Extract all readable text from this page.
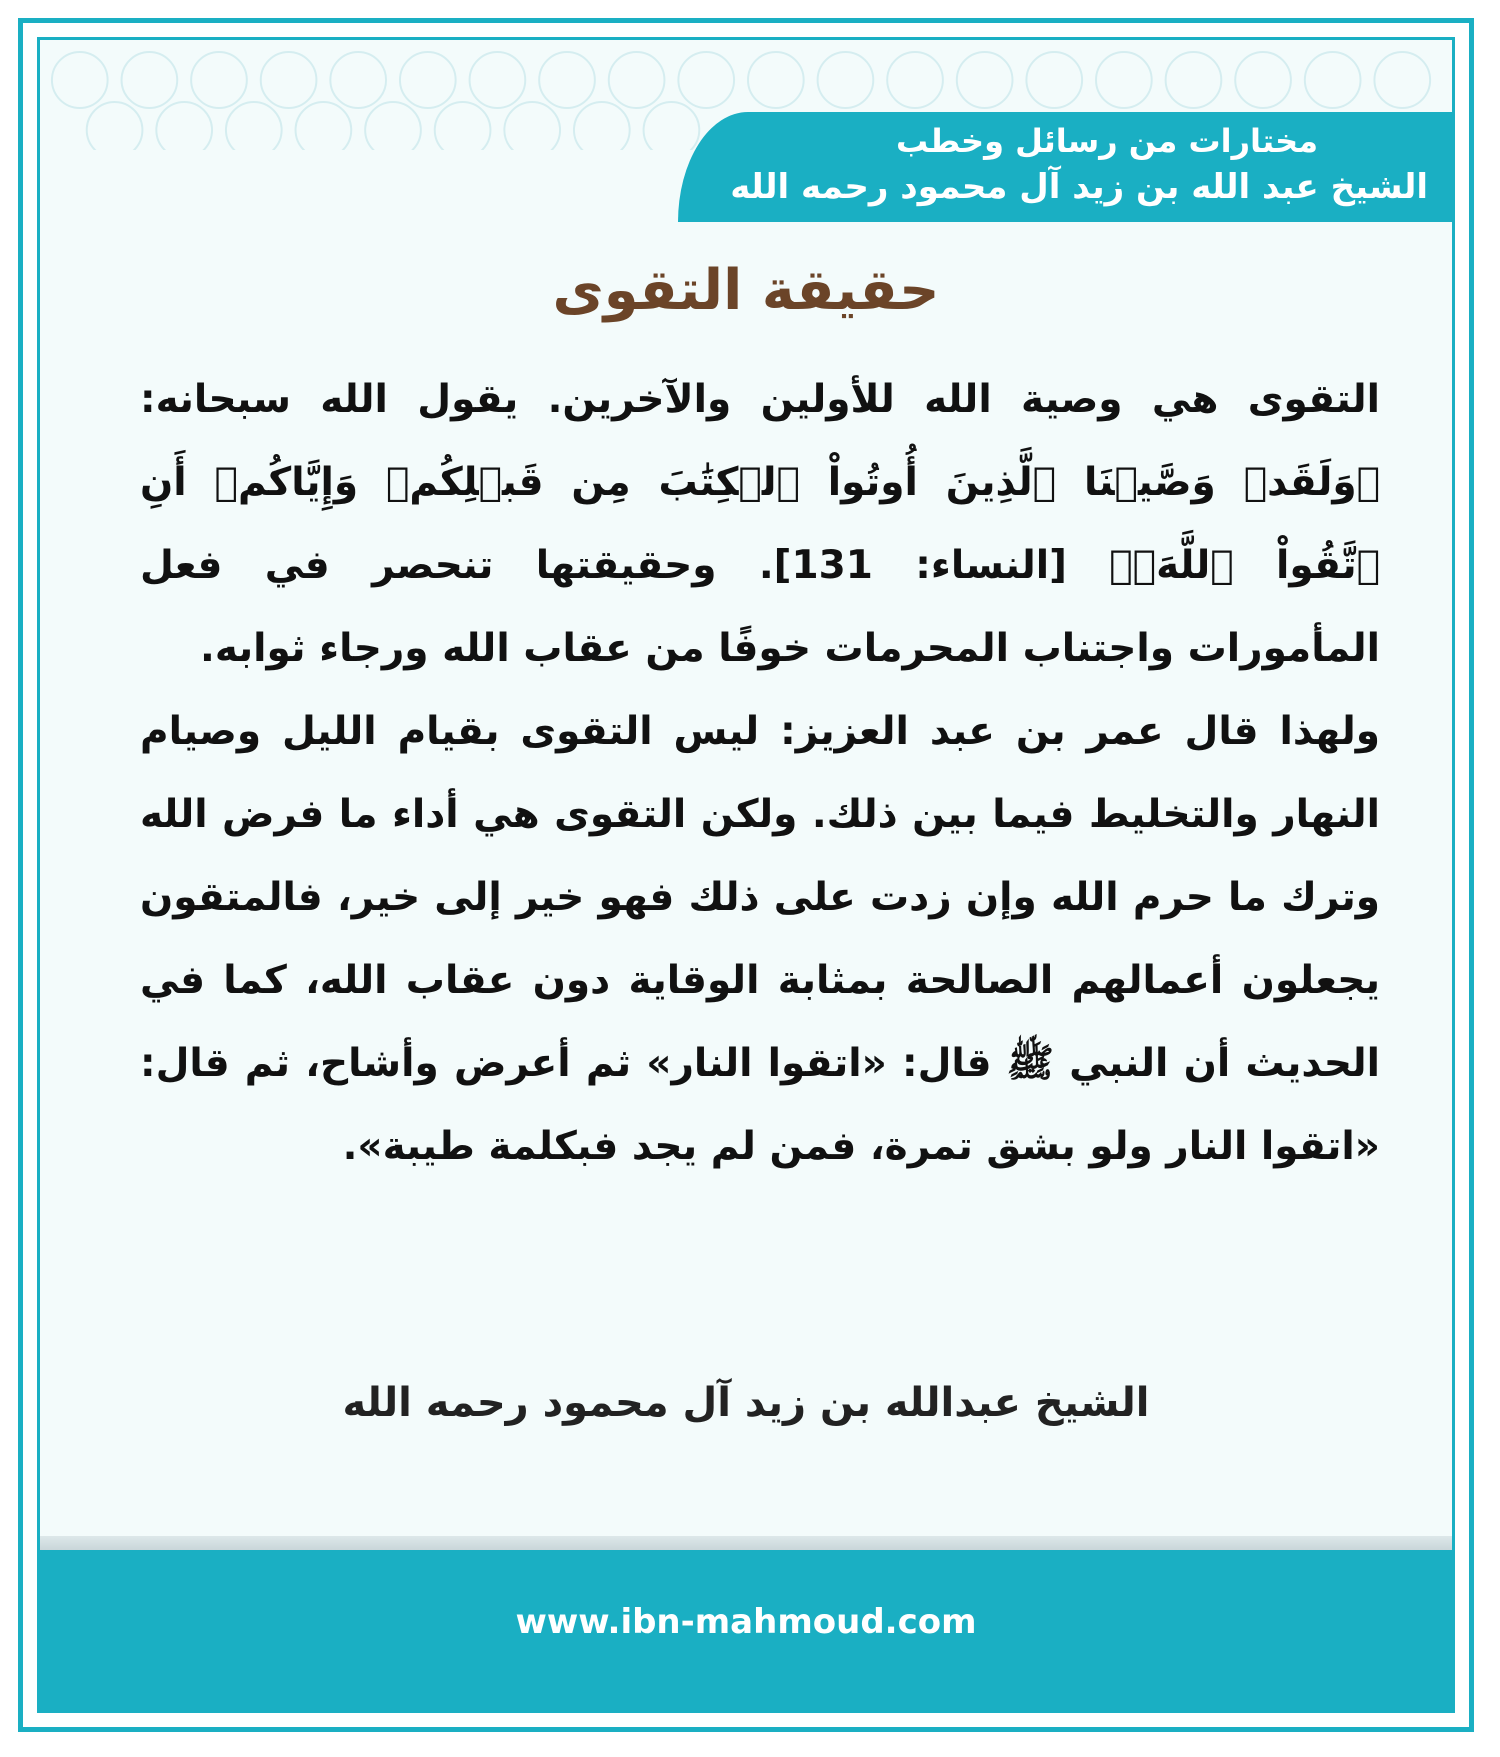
مختارات من رسائل وخطب
الشيخ عبد الله بن زيد آل محمود رحمه الله
حقيقة التقوى

التقوى هي وصية الله للأولين والآخرين. يقول الله سبحانه: ﴿وَلَقَدۡ وَصَّيۡنَا ٱلَّذِينَ أُوتُواْ ٱلۡكِتَٰبَ مِن قَبۡلِكُمۡ وَإِيَّاكُمۡ أَنِ ٱتَّقُواْ ٱللَّهَۚ﴾ [النساء: 131]. وحقيقتها تنحصر في فعل المأمورات واجتناب المحرمات خوفًا من عقاب الله ورجاء ثوابه.

ولهذا قال عمر بن عبد العزيز: ليس التقوى بقيام الليل وصيام النهار والتخليط فيما بين ذلك. ولكن التقوى هي أداء ما فرض الله وترك ما حرم الله وإن زدت على ذلك فهو خير إلى خير، فالمتقون يجعلون أعمالهم الصالحة بمثابة الوقاية دون عقاب الله، كما في الحديث أن النبي ﷺ قال: «اتقوا النار» ثم أعرض وأشاح، ثم قال: «اتقوا النار ولو بشق تمرة، فمن لم يجد فبكلمة طيبة».

الشيخ عبدالله بن زيد آل محمود رحمه الله
www.ibn-mahmoud.com
